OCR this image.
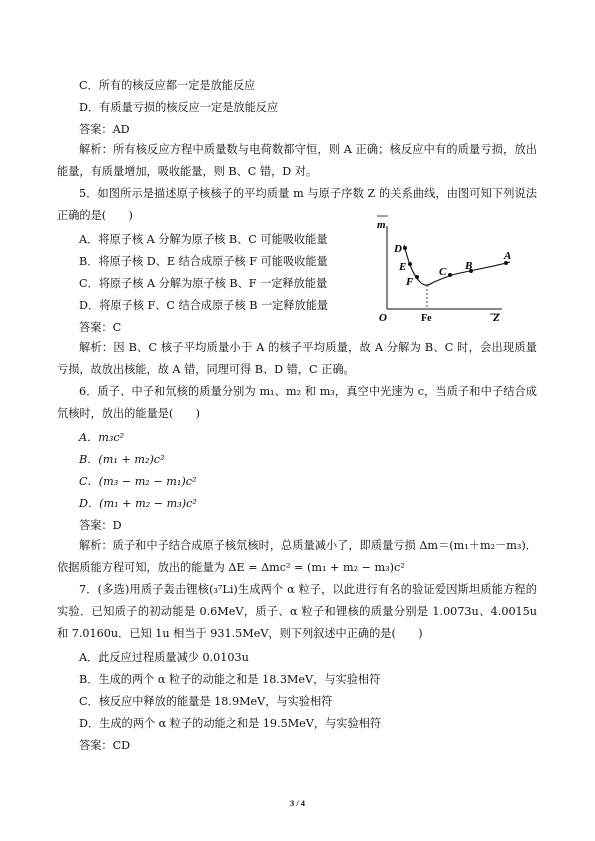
C．所有的核反应都一定是放能反应
D．有质量亏损的核反应一定是放能反应
答案：AD
解析：所有核反应方程中质量数与电荷数都守恒，则 A 正确；核反应中有的质量亏损，放出能量，有质量增加，吸收能量，则 B、C 错，D 对。
5．如图所示是描述原子核核子的平均质量 m 与原子序数 Z 的关系曲线，由图可知下列说法正确的是(　　)
A．将原子核 A 分解为原子核 B、C 可能吸收能量
B．将原子核 D、E 结合成原子核 F 可能吸收能量
C．将原子核 A 分解为原子核 B、F 一定释放能量
D．将原子核 F、C 结合成原子核 B 一定释放能量
答案：C
m
O	Fe	Z
D
E
F
C B
A
解析：因 B、C 核子平均质量小于 A 的核子平均质量，故 A 分解为 B、C 时，会出现质量亏损，故放出核能，故 A 错，同理可得 B、D 错，C 正确。
6．质子、中子和氘核的质量分别为 m₁、m₂ 和 m₃，真空中光速为 c，当质子和中子结合成氘核时，放出的能量是(　　)
A．m₃c²
B．(m₁ + m₂)c²
C．(m₃ − m₂ − m₁)c²
D．(m₁ + m₂ − m₃)c²
答案：D
解析：质子和中子结合成原子核氘核时，总质量减小了，即质量亏损 Δm＝(m₁＋m₂－m₃)．依据质能方程可知，放出的能量为 ΔE = Δmc² = (m₁ + m₂ − m₃)c²
7．(多选)用质子轰击锂核(₃⁷Li)生成两个 α 粒子，以此进行有名的验证爱因斯坦质能方程的实验．已知质子的初动能是 0.6MeV，质子、α 粒子和锂核的质量分别是 1.0073u、4.0015u 和 7.0160u．已知 1u 相当于 931.5MeV，则下列叙述中正确的是(　　)
A．此反应过程质量减少 0.0103u
B．生成的两个 α 粒子的动能之和是 18.3MeV，与实验相符
C．核反应中释放的能量是 18.9MeV，与实验相符
D．生成的两个 α 粒子的动能之和是 19.5MeV，与实验相符
答案：CD
3 / 4
